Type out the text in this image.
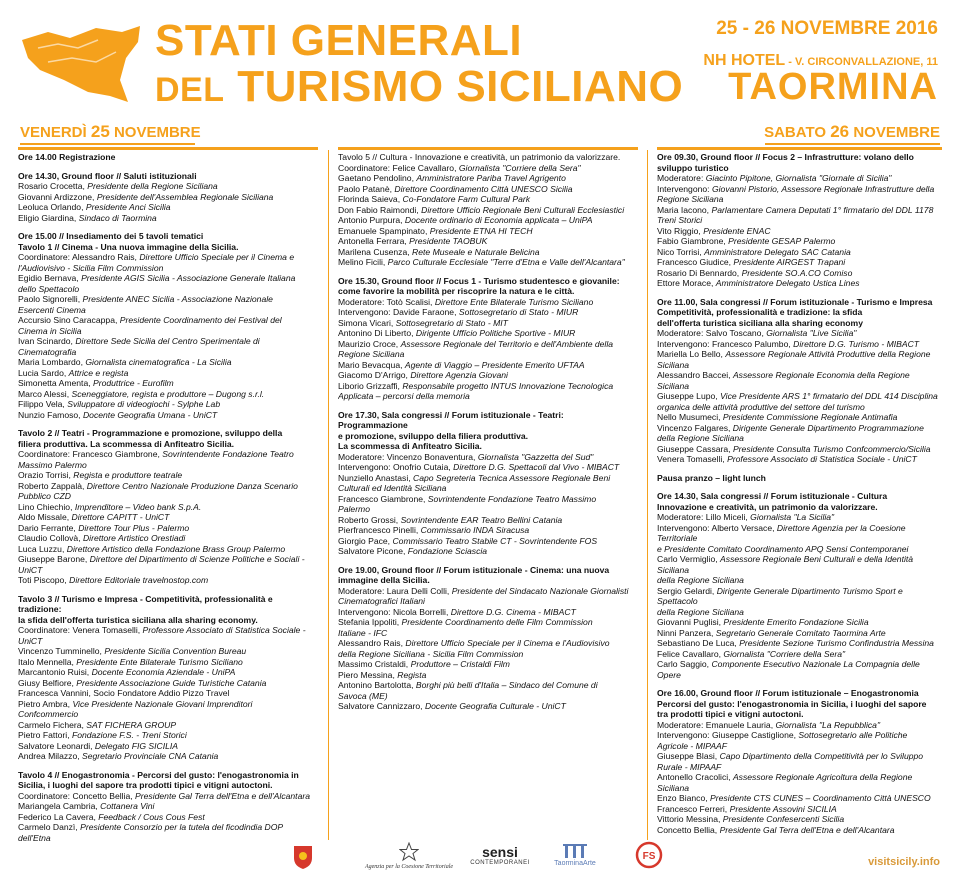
STATI GENERALI
DEL TURISMO SICILIANO
25 - 26 NOVEMBRE 2016
NH HOTEL - V. CIRCONVALLAZIONE, 11
TAORMINA
VENERDÌ 25 NOVEMBRE	SABATO 26 NOVEMBRE
Ore 14.00 Registrazione
Ore 14.30, Ground floor // Saluti istituzionali
Rosario Crocetta, Presidente della Regione Siciliana
Giovanni Ardizzone, Presidente dell'Assemblea Regionale Siciliana
Leoluca Orlando, Presidente Anci Sicilia
Eligio Giardina, Sindaco di Taormina
Ore 15.00 // Insediamento dei 5 tavoli tematici
Tavolo 1 // Cinema - Una nuova immagine della Sicilia.
Coordinatore: Alessandro Rais, Direttore Ufficio Speciale per il Cinema e
l'Audiovisivo - Sicilia Film Commission
Egidio Bernava, Presidente AGIS Sicilia - Associazione Generale Italiana
dello Spettacolo
Paolo Signorelli, Presidente ANEC Sicilia - Associazione Nazionale Esercenti Cinema
Accursio Sino Caracappa, Presidente Coordinamento dei Festival del
Cinema in Sicilia
Ivan Scinardo, Direttore Sede Sicilia del Centro Sperimentale di Cinematografia
Maria Lombardo, Giornalista cinematografica - La Sicilia
Lucia Sardo, Attrice e regista
Simonetta Amenta, Produttrice - Eurofilm
Marco Alessi, Sceneggiatore, regista e produttore – Dugong s.r.l.
Filippo Vela, Sviluppatore di videogiochi - Sylphe Lab
Nunzio Famoso, Docente Geografia Umana - UniCT
Tavolo 2 // Teatri - Programmazione e promozione, sviluppo della
filiera produttiva. La scommessa di Anfiteatro Sicilia.
Coordinatore: Francesco Giambrone, Sovrintendente Fondazione Teatro
Massimo Palermo
Orazio Torrisi, Regista e produttore teatrale
Roberto Zappalà, Direttore Centro Nazionale Produzione Danza Scenario
Pubblico CZD
Lino Chiechio, Imprenditore – Video bank S.p.A.
Aldo Missale, Direttore CAPITT - UniCT
Dario Ferrante, Direttore Tour Plus - Palermo
Claudio Collovà, Direttore Artistico Orestiadi
Luca Luzzu, Direttore Artistico della Fondazione Brass Group Palermo
Giuseppe Barone, Direttore del Dipartimento di Scienze Politiche e Sociali - UniCT
Toti Piscopo, Direttore Editoriale travelnostop.com
Tavolo 3 // Turismo e Impresa - Competitività, professionalità e tradizione:
la sfida dell'offerta turistica siciliana alla sharing economy.
Coordinatore: Venera Tomaselli, Professore Associato di Statistica Sociale - UniCT
Vincenzo Tumminello, Presidente Sicilia Convention Bureau
Italo Mennella, Presidente Ente Bilaterale Turismo Siciliano
Marcantonio Ruisi, Docente Economia Aziendale - UniPA
Giusy Belfiore, Presidente Associazione Guide Turistiche Catania
Francesca Vannini, Socio Fondatore Addio Pizzo Travel
Pietro Ambra, Vice Presidente Nazionale Giovani Imprenditori Confcommercio
Carmelo Fichera, SAT FICHERA GROUP
Pietro Fattori, Fondazione F.S. - Treni Storici
Salvatore Leonardi, Delegato FIG SICILIA
Andrea Milazzo, Segretario Provinciale CNA Catania
Tavolo 4 // Enogastronomia - Percorsi del gusto: l'enogastronomia in
Sicilia, i luoghi del sapore tra prodotti tipici e vitigni autoctoni.
Coordinatore: Concetto Bellia, Presidente Gal Terra dell'Etna e dell'Alcantara
Mariangela Cambria, Cottanera Vini
Federico La Cavera, Feedback / Cous Cous Fest
Carmelo Danzì, Presidente Consorzio per la tutela del ficodindia DOP dell'Etna
Tavolo 5 // Cultura - Innovazione e creatività, un patrimonio da valorizzare.
Coordinatore: Felice Cavallaro, Giornalista "Corriere della Sera"
Gaetano Pendolino, Amministratore Pariba Travel Agrigento
Paolo Patanè, Direttore Coordinamento Città UNESCO Sicilia
Florinda Saieva, Co-Fondatore Farm Cultural Park
Don Fabio Raimondi, Direttore Ufficio Regionale Beni Culturali Ecclesiastici
Antonio Purpura, Docente ordinario di Economia applicata – UniPA
Emanuele Spampinato, Presidente ETNA HI TECH
Antonella Ferrara, Presidente TAOBUK
Marilena Cusenza, Rete Museale e Naturale Belicina
Melino Ficili, Parco Culturale Ecclesiale "Terre d'Etna e Valle dell'Alcantara"
Ore 15.30, Ground floor // Focus 1 - Turismo studentesco e giovanile:
come favorire la mobilità per riscoprire la natura e le città.
Moderatore: Totò Scalisi, Direttore Ente Bilaterale Turismo Siciliano
Intervengono: Davide Faraone, Sottosegretario di Stato - MIUR
Simona Vicari, Sottosegretario di Stato - MIT
Antonino Di Liberto, Dirigente Uffício Politiche Sportive - MIUR
Maurizio Croce, Assessore Regionale del Territorio e dell'Ambiente della
Regione Siciliana
Mario Bevacqua, Agente di Viaggio – Presidente Emerito UFTAA
Giacomo D'Arrigo, Direttore Agenzia Giovani
Liborio Grizzaffi, Responsabile progetto INTUS Innovazione Tecnologica
Applicata – percorsi della memoria
Ore 17.30, Sala congressi // Forum istituzionale - Teatri: Programmazione
e promozione, sviluppo della filiera produttiva.
La scommessa di Anfiteatro Sicilia.
Moderatore: Vincenzo Bonaventura, Giornalista "Gazzetta del Sud"
Intervengono: Onofrio Cutaia, Direttore D.G. Spettacoli dal Vivo - MIBACT
Nunziello Anastasi, Capo Segreteria Tecnica Assessore Regionale Beni
Culturali ed Identità Siciliana
Francesco Giambrone, Sovrintendente Fondazione Teatro Massimo Palermo
Roberto Grossi, Sovrintendente EAR Teatro Bellini Catania
Pierfrancesco Pinelli, Commissario INDA Siracusa
Giorgio Pace, Commissario Teatro Stabile CT - Sovrintendente FOS
Salvatore Picone, Fondazione Sciascia
Ore 19.00, Ground floor // Forum istituzionale - Cinema: una nuova
immagine della Sicilia.
Moderatore: Laura Delli Colli, Presidente del Sindacato Nazionale Giornalisti
Cinematografici Italiani
Intervengono: Nicola Borrelli, Direttore D.G. Cinema - MIBACT
Stefania Ippoliti, Presidente Coordinamento delle Film Commission
Italiane - IFC
Alessandro Rais, Direttore Ufficio Speciale per il Cinema e l'Audiovisivo
della Regione Siciliana - Sicilia Film Commission
Massimo Cristaldi, Produttore – Cristaldi Film
Piero Messina, Regista
Antonino Bartolotta, Borghi più belli d'Italia – Sindaco del Comune di
Savoca (ME)
Salvatore Cannizzaro, Docente Geografia Culturale - UniCT
Ore 09.30, Ground floor // Focus 2 – Infrastrutture: volano dello
sviluppo turistico
Moderatore: Giacinto Pipitone, Giornalista "Giornale di Sicilia"
Intervengono: Giovanni Pistorio, Assessore Regionale Infrastrutture della
Regione Siciliana
Maria Iacono, Parlamentare Camera Deputati 1° firmatario del DDL 1178
Treni Storici
Vito Riggio, Presidente ENAC
Fabio Giambrone, Presidente GESAP Palermo
Nico Torrisi, Amministratore Delegato SAC Catania
Francesco Giudice, Presidente AIRGEST Trapani
Rosario Di Bennardo, Presidente SO.A.CO Comiso
Ettore Morace, Amministratore Delegato Ustica Lines
Ore 11.00, Sala congressi // Forum istituzionale - Turismo e Impresa
Competitività, professionalità e tradizione: la sfida
dell'offerta turistica siciliana alla sharing economy
Moderatore: Salvo Toscano, Giornalista "Live Sicilia"
Intervengono: Francesco Palumbo, Direttore D.G. Turismo - MIBACT
Mariella Lo Bello, Assessore Regionale Attività Produttive della Regione
Siciliana
Alessandro Baccei, Assessore Regionale Economia della Regione Siciliana
Giuseppe Lupo, Vice Presidente ARS 1° firmatario del DDL 414 Disciplina
organica delle attività produttive del settore del turismo
Nello Musumeci, Presidente Commissione Regionale Antimafia
Vincenzo Falgares, Dirigente Generale Dipartimento Programmazione
della Regione Siciliana
Giuseppe Cassara, Presidente Consulta Turismo Confcommercio/Sicilia
Venera Tomaselli, Professore Associato di Statistica Sociale - UniCT
Pausa pranzo – light lunch
Ore 14.30, Sala congressi // Forum istituzionale - Cultura
Innovazione e creatività, un patrimonio da valorizzare.
Moderatore: Lillo Miceli, Giornalista "La Sicilia"
Intervengono: Alberto Versace, Direttore Agenzia per la Coesione Territoriale
e Presidente Comitato Coordinamento APQ Sensi Contemporanei
Carlo Vermiglio, Assessore Regionale Beni Culturali e della Identità Siciliana
della Regione Siciliana
Sergio Gelardi, Dirigente Generale Dipartimento Turismo Sport e Spettacolo
della Regione Siciliana
Giovanni Puglisi, Presidente Emerito Fondazione Sicilia
Ninni Panzera, Segretario Generale Comitato Taormina Arte
Sebastiano De Luca, Presidente Sezione Turismo Confindustria Messina
Felice Cavallaro, Giornalista "Corriere della Sera"
Carlo Saggio, Componente Esecutivo Nazionale La Compagnia delle Opere
Ore 16.00, Ground floor // Forum istituzionale – Enogastronomia
Percorsi del gusto: l'enogastronomia in Sicilia, i luoghi del sapore
tra prodotti tipici e vitigni autoctoni.
Moderatore: Emanuele Lauria, Giornalista "La Repubblica"
Intervengono: Giuseppe Castiglione, Sottosegretario alle Politiche
Agricole - MIPAAF
Giuseppe Blasi, Capo Dipartimento della Competitività per lo Sviluppo
Rurale - MIPAAF
Antonello Cracolici, Assessore Regionale Agricoltura della Regione Siciliana
Enzo Bianco, Presidente CTS CUNES – Coordinamento Città UNESCO
Francesco Ferreri, Presidente Assovini SICILIA
Vittorio Messina, Presidente Confesercenti Sicilia
Concetto Bellia, Presidente Gal Terra dell'Etna e dell'Alcantara
Agenzia per la Coesione Territoriale
sensi
CONTEMPORANEI	TaorminaArte
FS	visitsicily.info
